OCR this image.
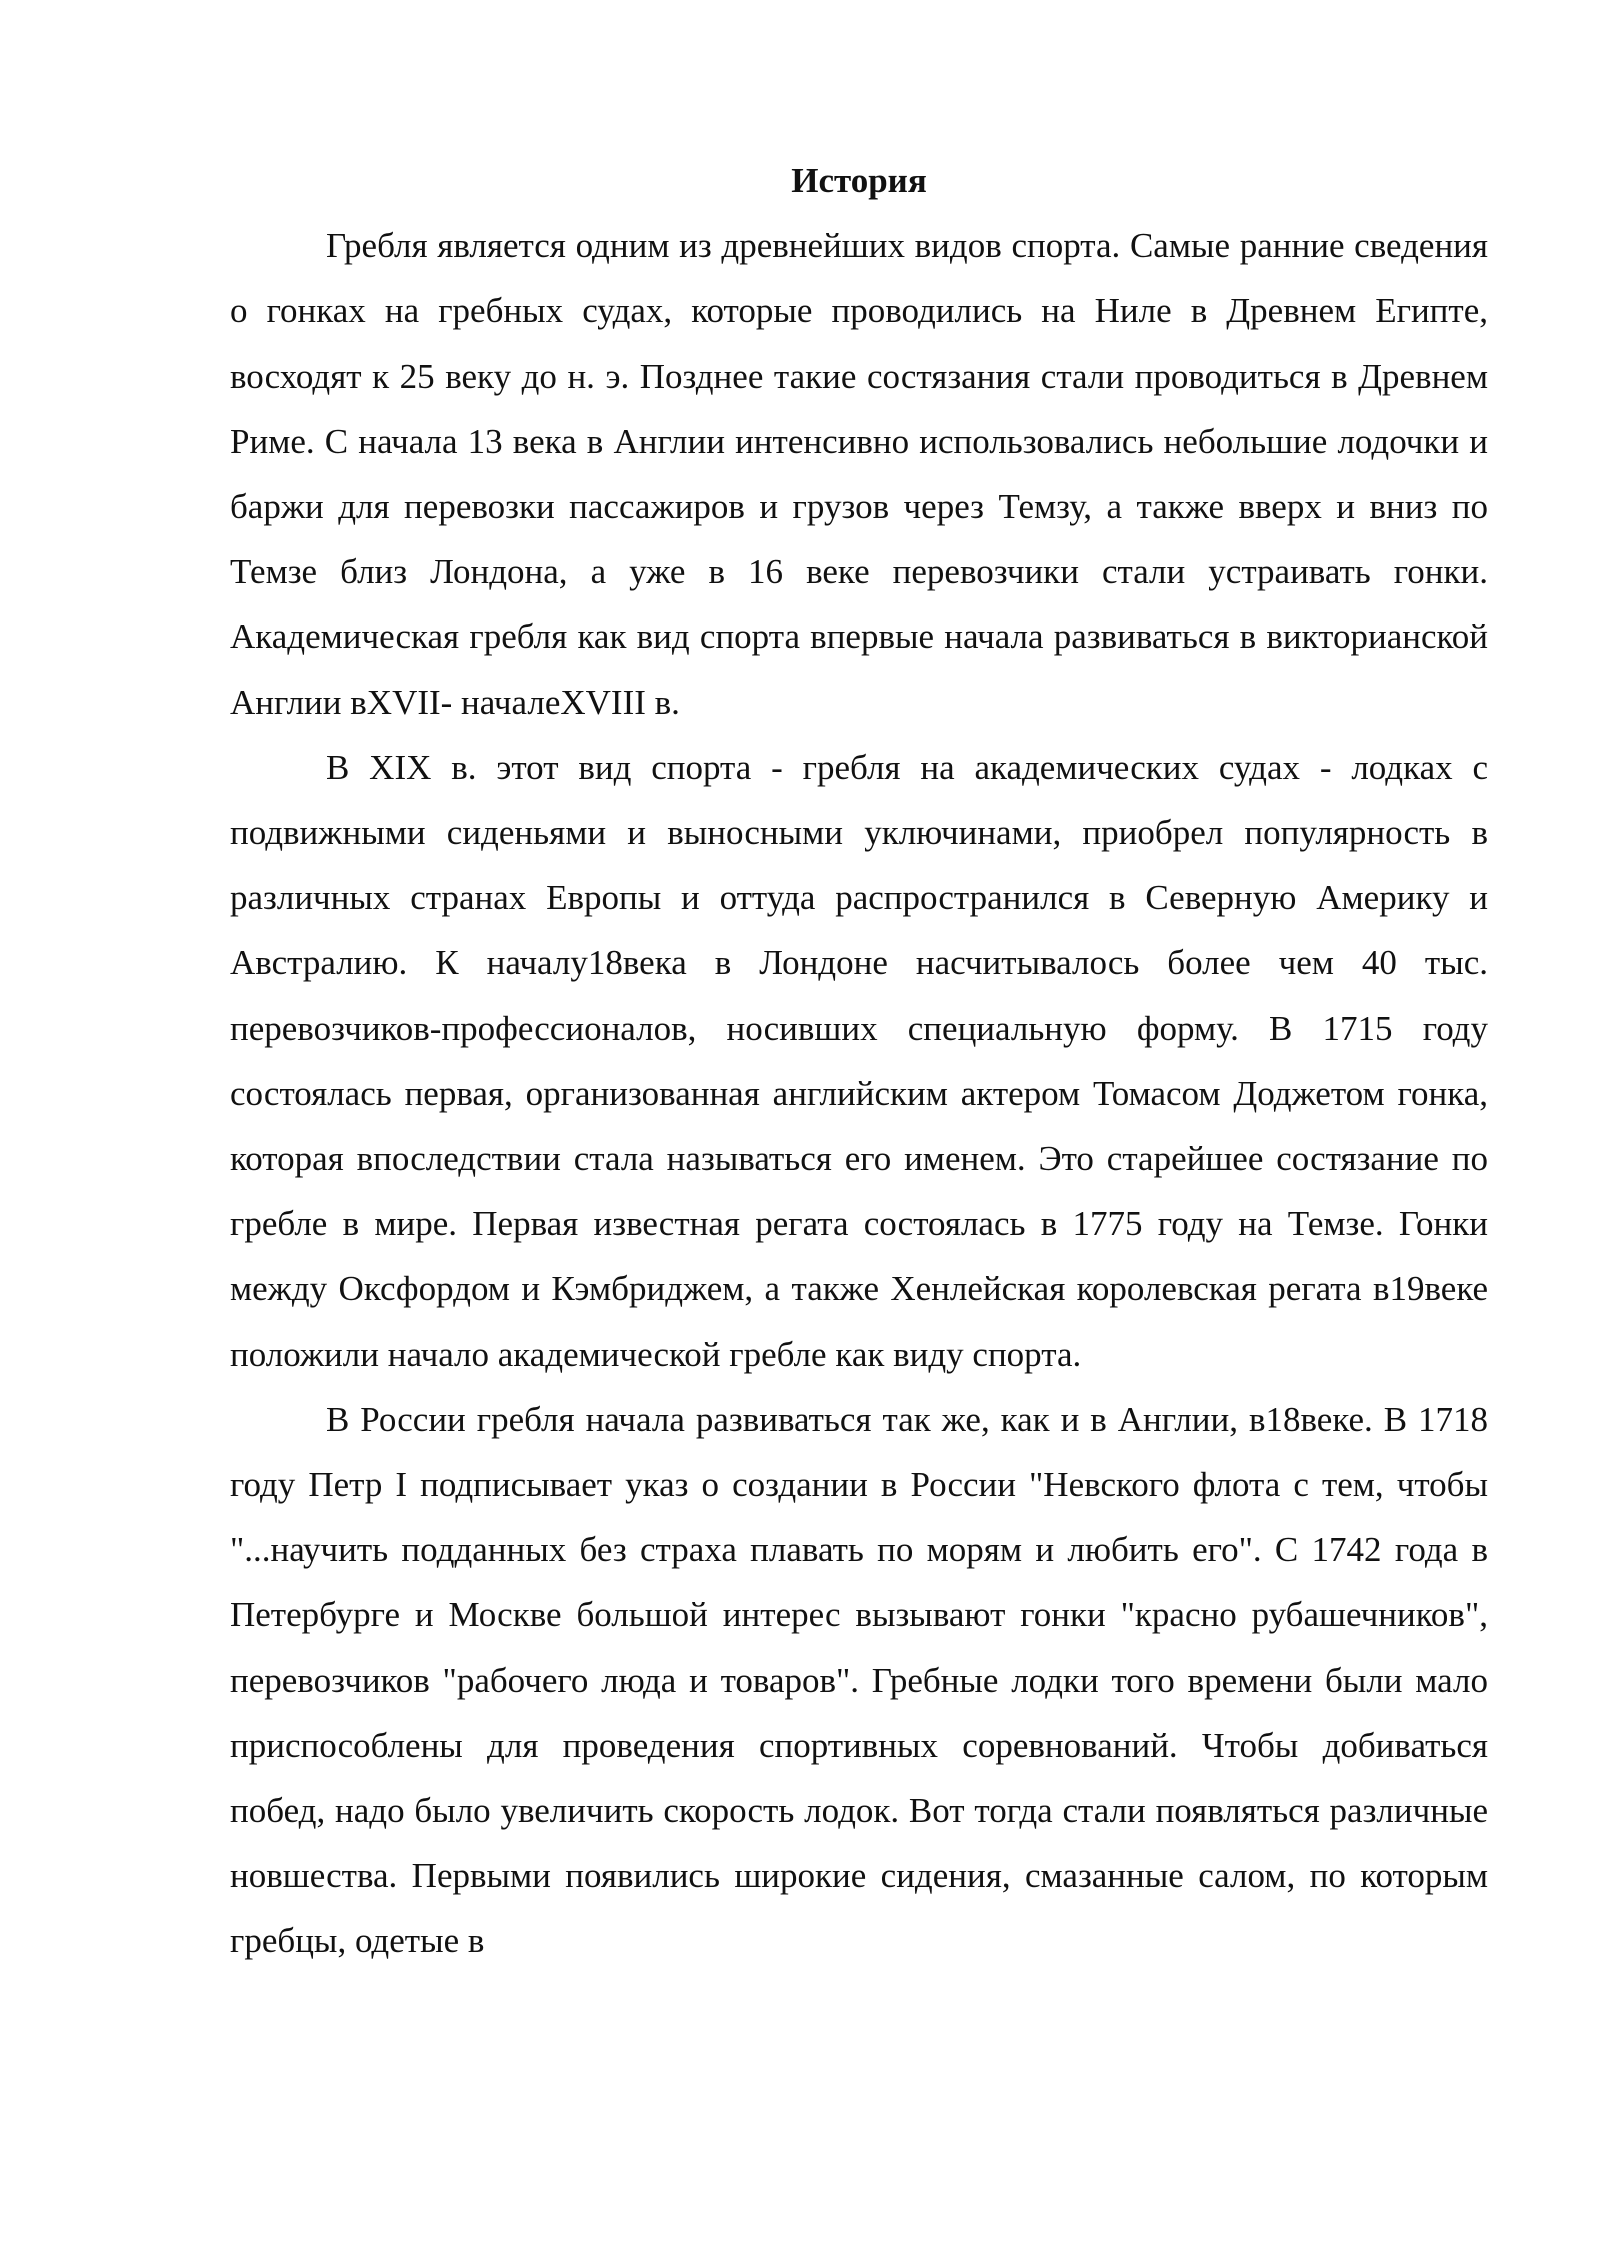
История

Гребля является одним из древнейших видов спорта. Самые ранние сведения о гонках на гребных судах, которые проводились на Ниле в Древнем Египте, восходят к 25 веку до н. э. Позднее такие состязания стали проводиться в Древнем Риме. С начала 13 века в Англии интенсивно использовались небольшие лодочки и баржи для перевозки пассажиров и грузов через Темзу, а также вверх и вниз по Темзе близ Лондона, а уже в 16 веке перевозчики стали устраивать гонки. Академическая гребля как вид спорта впервые начала развиваться в викторианской Англии вXVII- началеXVIII в.

В XIX в. этот вид спорта - гребля на академических судах - лодках с подвижными сиденьями и выносными уключинами, приобрел популярность в различных странах Европы и оттуда распространился в Северную Америку и Австралию. К началу18века в Лондоне насчитывалось более чем 40 тыс. перевозчиков-профессионалов, носивших специальную форму. В 1715 году состоялась первая, организованная английским актером Томасом Доджетом гонка, которая впоследствии стала называться его именем. Это старейшее состязание по гребле в мире. Первая известная регата состоялась в 1775 году на Темзе. Гонки между Оксфордом и Кэмбриджем, а также Хенлейская королевская регата в19веке положили начало академической гребле как виду спорта.

В России гребля начала развиваться так же, как и в Англии, в18веке. В 1718 году Петр I подписывает указ о создании в России "Невского флота с тем, чтобы "...научить подданных без страха плавать по морям и любить его". С 1742 года в Петербурге и Москве большой интерес вызывают гонки "красно рубашечников", перевозчиков "рабочего люда и товаров". Гребные лодки того времени были мало приспособлены для проведения спортивных соревнований. Чтобы добиваться побед, надо было увеличить скорость лодок. Вот тогда стали появляться различные новшества. Первыми появились широкие сидения, смазанные салом, по которым гребцы, одетые в
